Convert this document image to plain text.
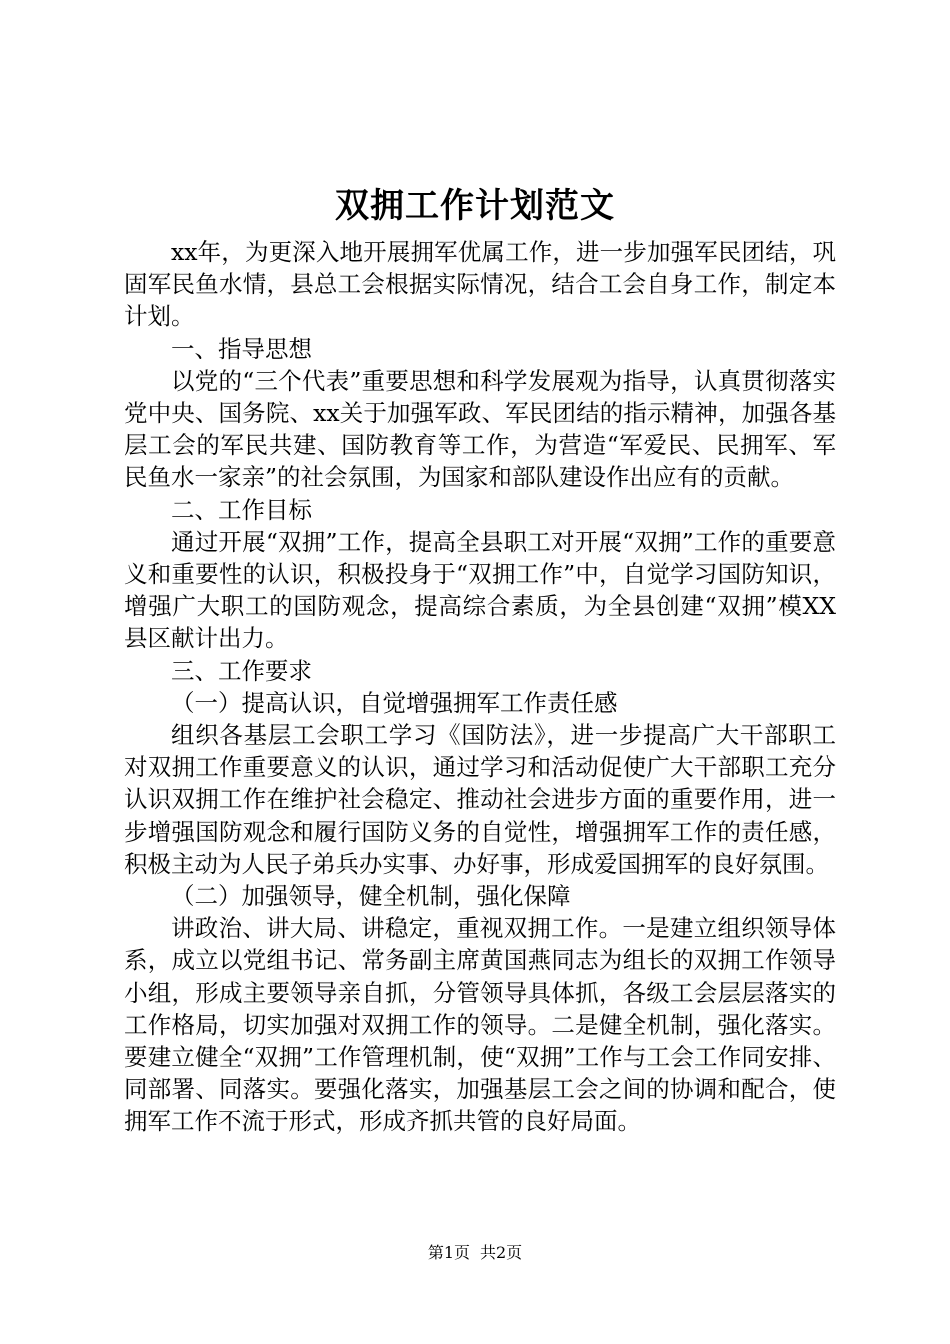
双拥工作计划范文

xx年，为更深入地开展拥军优属工作，进一步加强军民团结，巩固军民鱼水情，县总工会根据实际情况，结合工会自身工作，制定本计划。

一、指导思想

以党的“三个代表”重要思想和科学发展观为指导，认真贯彻落实党中央、国务院、xx关于加强军政、军民团结的指示精神，加强各基层工会的军民共建、国防教育等工作，为营造“军爱民、民拥军、军民鱼水一家亲”的社会氛围，为国家和部队建设作出应有的贡献。

二、工作目标

通过开展“双拥”工作，提高全县职工对开展“双拥”工作的重要意义和重要性的认识，积极投身于“双拥工作”中，自觉学习国防知识，增强广大职工的国防观念，提高综合素质，为全县创建“双拥”模XX县区献计出力。

三、工作要求

（一）提高认识，自觉增强拥军工作责任感

组织各基层工会职工学习《国防法》，进一步提高广大干部职工对双拥工作重要意义的认识，通过学习和活动促使广大干部职工充分认识双拥工作在维护社会稳定、推动社会进步方面的重要作用，进一步增强国防观念和履行国防义务的自觉性，增强拥军工作的责任感，积极主动为人民子弟兵办实事、办好事，形成爱国拥军的良好氛围。

（二）加强领导，健全机制，强化保障

讲政治、讲大局、讲稳定，重视双拥工作。一是建立组织领导体系，成立以党组书记、常务副主席黄国燕同志为组长的双拥工作领导小组，形成主要领导亲自抓，分管领导具体抓，各级工会层层落实的工作格局，切实加强对双拥工作的领导。二是健全机制，强化落实。要建立健全“双拥”工作管理机制，使“双拥”工作与工会工作同安排、同部署、同落实。要强化落实，加强基层工会之间的协调和配合，使拥军工作不流于形式，形成齐抓共管的良好局面。

第1页 共2页
